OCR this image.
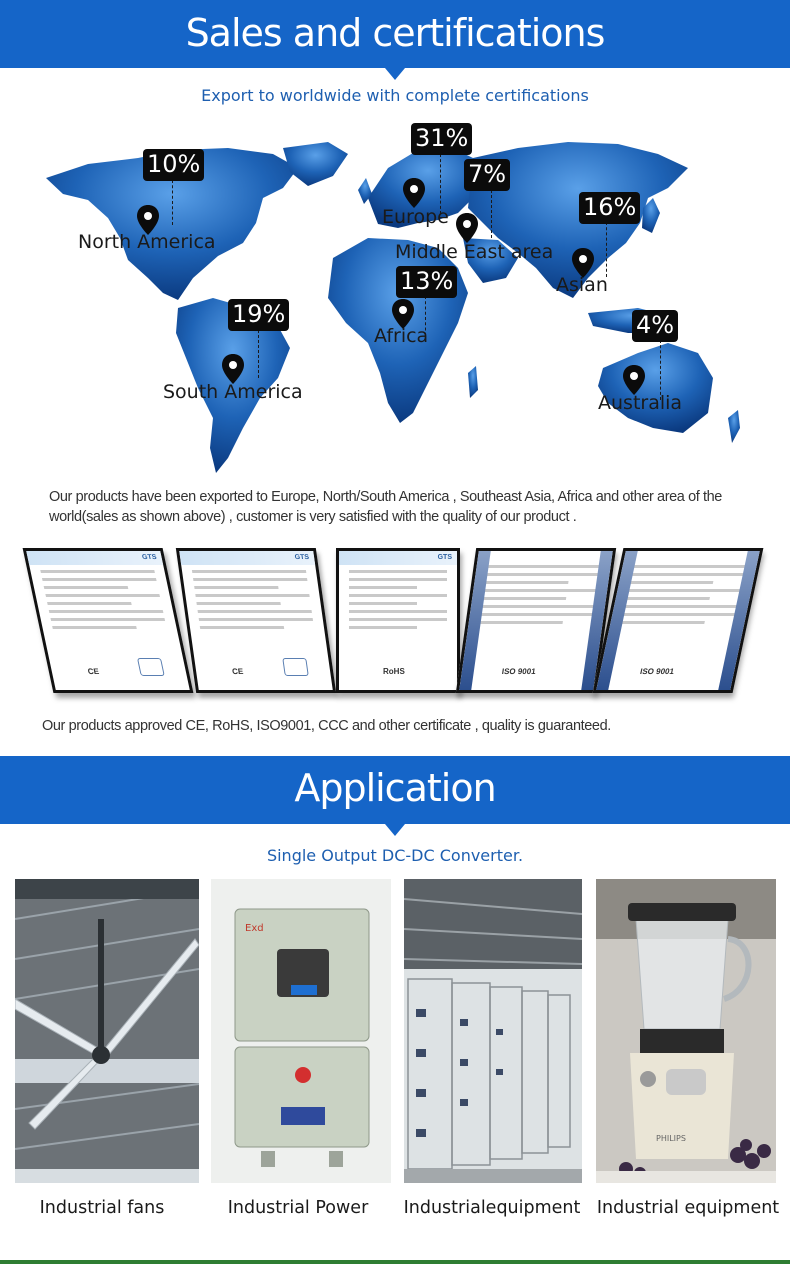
Sales and certifications
Export to worldwide with complete certifications
10%
31%
7%
16%
13%
19%	4%
North America
Europe
Middle East area
Asian
Africa
South America	Australia
Our products have been exported to Europe, North/South America , Southeast Asia, Africa and other area of the world(sales as shown above) , customer is very satisfied with the quality of our product .
GTS
CE
GTS
CE
GTS
RoHS	ISO 9001	ISO 9001
Our products approved CE, RoHS, ISO9001, CCC and other certificate , quality is guaranteed.
Application
Single Output DC-DC Converter.
Exd
PHILIPS
Industrial fans	Industrial Power	Industrialequipment Industrial equipment
